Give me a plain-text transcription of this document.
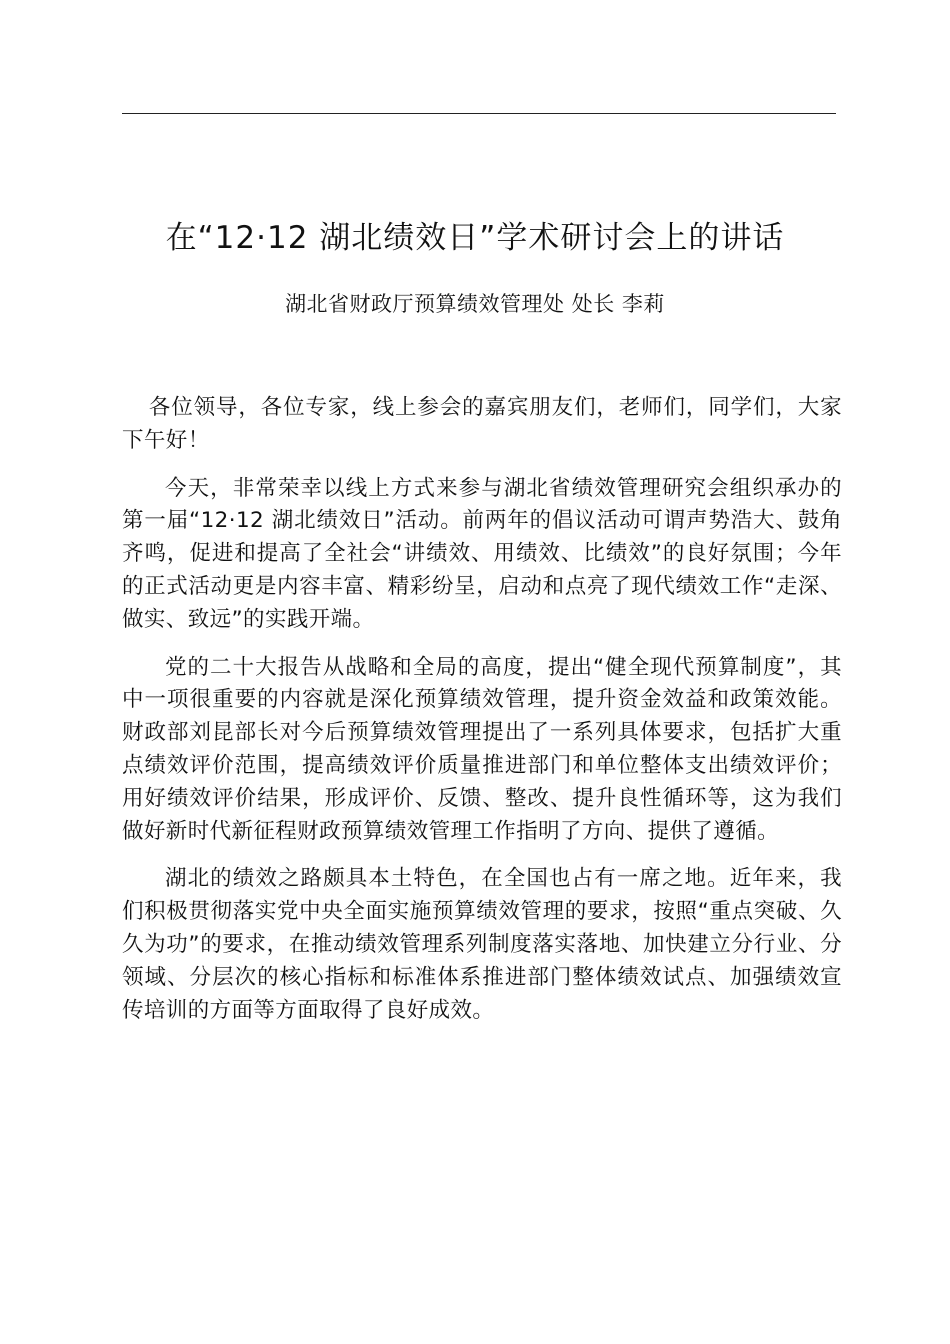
在“12·12 湖北绩效日”学术研讨会上的讲话

湖北省财政厅预算绩效管理处 处长 李莉

各位领导，各位专家，线上参会的嘉宾朋友们，老师们，同学们，大家下午好！

今天，非常荣幸以线上方式来参与湖北省绩效管理研究会组织承办的第一届“12·12 湖北绩效日”活动。前两年的倡议活动可谓声势浩大、鼓角齐鸣，促进和提高了全社会“讲绩效、用绩效、比绩效”的良好氛围；今年的正式活动更是内容丰富、精彩纷呈，启动和点亮了现代绩效工作“走深、做实、致远”的实践开端。

党的二十大报告从战略和全局的高度，提出“健全现代预算制度”，其中一项很重要的内容就是深化预算绩效管理，提升资金效益和政策效能。财政部刘昆部长对今后预算绩效管理提出了一系列具体要求，包括扩大重点绩效评价范围，提高绩效评价质量推进部门和单位整体支出绩效评价；用好绩效评价结果，形成评价、反馈、整改、提升良性循环等，这为我们做好新时代新征程财政预算绩效管理工作指明了方向、提供了遵循。

湖北的绩效之路颇具本土特色，在全国也占有一席之地。近年来，我们积极贯彻落实党中央全面实施预算绩效管理的要求，按照“重点突破、久久为功”的要求，在推动绩效管理系列制度落实落地、加快建立分行业、分领域、分层次的核心指标和标准体系推进部门整体绩效试点、加强绩效宣传培训的方面等方面取得了良好成效。
